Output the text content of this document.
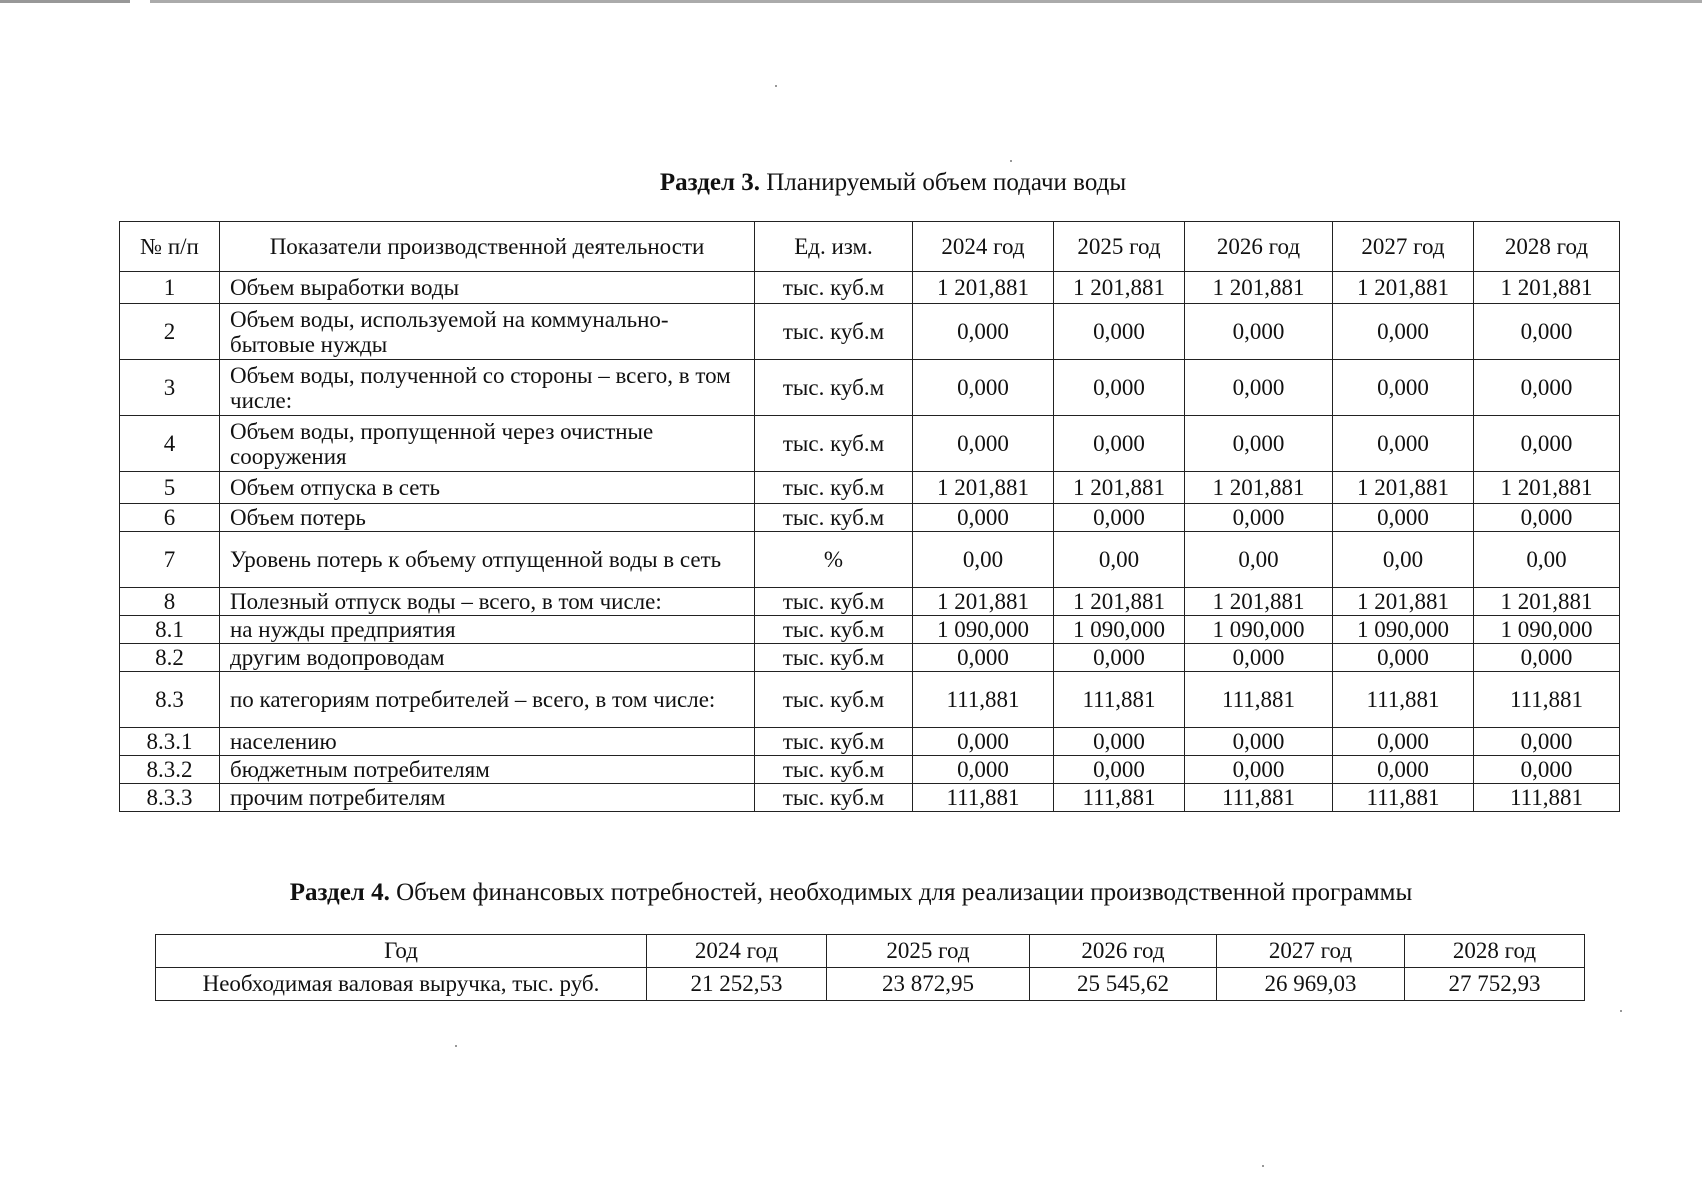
Раздел 3. Планируемый объем подачи воды
№ п/п	Показатели производственной деятельности	Ед. изм.	2024 год	2025 год	2026 год	2027 год	2028 год
1	Объем выработки воды	тыс. куб.м	1 201,881	1 201,881	1 201,881	1 201,881	1 201,881
2	Объем воды, используемой на коммунально-бытовые нужды	тыс. куб.м	0,000	0,000	0,000	0,000	0,000
3	Объем воды, полученной со стороны – всего, в том числе:	тыс. куб.м	0,000	0,000	0,000	0,000	0,000
4	Объем воды, пропущенной через очистные сооружения	тыс. куб.м	0,000	0,000	0,000	0,000	0,000
5	Объем отпуска в сеть	тыс. куб.м	1 201,881	1 201,881	1 201,881	1 201,881	1 201,881
6	Объем потерь	тыс. куб.м	0,000	0,000	0,000	0,000	0,000
7	Уровень потерь к объему отпущенной воды в сеть	%	0,00	0,00	0,00	0,00	0,00
8	Полезный отпуск воды – всего, в том числе:	тыс. куб.м	1 201,881	1 201,881	1 201,881	1 201,881	1 201,881
8.1	на нужды предприятия	тыс. куб.м	1 090,000	1 090,000	1 090,000	1 090,000	1 090,000
8.2	другим водопроводам	тыс. куб.м	0,000	0,000	0,000	0,000	0,000
8.3	по категориям потребителей – всего, в том числе:	тыс. куб.м	111,881	111,881	111,881	111,881	111,881
8.3.1	населению	тыс. куб.м	0,000	0,000	0,000	0,000	0,000
8.3.2	бюджетным потребителям	тыс. куб.м	0,000	0,000	0,000	0,000	0,000
8.3.3	прочим потребителям	тыс. куб.м	111,881	111,881	111,881	111,881	111,881
Раздел 4. Объем финансовых потребностей, необходимых для реализации производственной программы
Год	2024 год	2025 год	2026 год	2027 год	2028 год
Необходимая валовая выручка, тыс. руб.	21 252,53	23 872,95	25 545,62	26 969,03	27 752,93
